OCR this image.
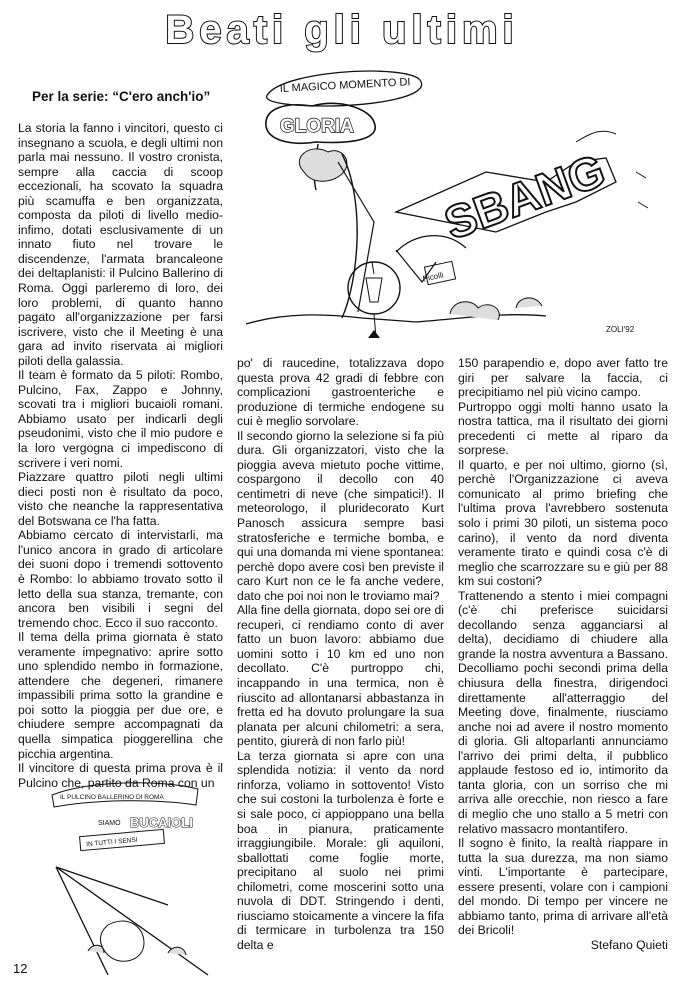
Beati gli ultimi
Per la serie: “C'ero anch'io”
IL MAGICO MOMENTO DI
GLORIA
SBANG
Picolli
ZOLI'92

La storia la fanno i vincitori, questo ci insegnano a scuola, e degli ultimi non parla mai nessuno. Il vostro cronista, sempre alla caccia di scoop eccezionali, ha scovato la squadra più scamuffa e ben organizzata, composta da piloti di livello medio-infimo, dotati esclusivamente di un innato fiuto nel trovare le discendenze, l'armata brancaleone dei deltaplanisti: il Pulcino Ballerino di Roma. Oggi parleremo di loro, dei loro problemi, di quanto hanno pagato all'organizzazione per farsi iscrivere, visto che il Meeting è una gara ad invito riservata ai migliori piloti della galassia.

Il team è formato da 5 piloti: Rombo, Pulcino, Fax, Zappo e Johnny, scovati tra i migliori bucaioli romani. Abbiamo usato per indicarli degli pseudonimi, visto che il mio pudore e la loro vergogna ci impediscono di scrivere i veri nomi.

Piazzare quattro piloti negli ultimi dieci posti non è risultato da poco, visto che neanche la rappresentativa del Botswana ce l'ha fatta.

Abbiamo cercato di intervistarli, ma l'unico ancora in grado di articolare dei suoni dopo i tremendi sottovento è Rombo: lo abbiamo trovato sotto il letto della sua stanza, tremante, con ancora ben visibili i segni del tremendo choc. Ecco il suo racconto.

Il tema della prima giornata è stato veramente impegnativo: aprire sotto uno splendido nembo in formazione, attendere che degeneri, rimanere impassibili prima sotto la grandine e poi sotto la pioggia per due ore, e chiudere sempre accompagnati da quella simpatica pioggerellina che picchia argentina.

Il vincitore di questa prima prova è il Pulcino che, partito da Roma con un

IL PULCINO BALLERINO DI ROMA
SIAMO BUCAIOLI
IN TUTTI I SENSI

po' di raucedine, totalizzava dopo questa prova 42 gradi di febbre con complicazioni gastroenteriche e produzione di termiche endogene su cui è meglio sorvolare.

Il secondo giorno la selezione si fa più dura. Gli organizzatori, visto che la pioggia aveva mietuto poche vittime, cospargono il decollo con 40 centimetri di neve (che simpatici!). Il meteorologo, il pluridecorato Kurt Panosch assicura sempre basi stratosferiche e termiche bomba, e qui una domanda mi viene spontanea: perchè dopo avere così ben previste il caro Kurt non ce le fa anche vedere, dato che poi noi non le troviamo mai?

Alla fine della giornata, dopo sei ore di recuperi, ci rendiamo conto di aver fatto un buon lavoro: abbiamo due uomini sotto i 10 km ed uno non decollato. C'è purtroppo chi, incappando in una termica, non è riuscito ad allontanarsi abbastanza in fretta ed ha dovuto prolungare la sua planata per alcuni chilometri: a sera, pentito, giurerà di non farlo più!

La terza giornata si apre con una splendida notizia: il vento da nord rinforza, voliamo in sottovento! Visto che sui costoni la turbolenza è forte e si sale poco, ci appioppano una bella boa in pianura, praticamente irraggiungibile. Morale: gli aquiloni, sballottati come foglie morte, precipitano al suolo nei primi chilometri, come moscerini sotto una nuvola di DDT. Stringendo i denti, riusciamo stoicamente a vincere la fifa di termicare in turbolenza tra 150 delta e

150 parapendio e, dopo aver fatto tre giri per salvare la faccia, ci precipitiamo nel più vicino campo.

Purtroppo oggi molti hanno usato la nostra tattica, ma il risultato dei giorni precedenti ci mette al riparo da sorprese.

Il quarto, e per noi ultimo, giorno (sì, perchè l'Organizzazione ci aveva comunicato al primo briefing che l'ultima prova l'avrebbero sostenuta solo i primi 30 piloti, un sistema poco carino), il vento da nord diventa veramente tirato e quindi cosa c'è di meglio che scarrozzare su e giù per 88 km sui costoni?

Trattenendo a stento i miei compagni (c'è chi preferisce suicidarsi decollando senza agganciarsi al delta), decidiamo di chiudere alla grande la nostra avventura a Bassano. Decolliamo pochi secondi prima della chiusura della finestra, dirigendoci direttamente all'atterraggio del Meeting dove, finalmente, riusciamo anche noi ad avere il nostro momento di gloria. Gli altoparlanti annunciamo l'arrivo dei primi delta, il pubblico applaude festoso ed io, intimorito da tanta gloria, con un sorriso che mi arriva alle orecchie, non riesco a fare di meglio che uno stallo a 5 metri con relativo massacro montantifero.

Il sogno è finito, la realtà riappare in tutta la sua durezza, ma non siamo vinti. L'importante è partecipare, essere presenti, volare con i campioni del mondo. Di tempo per vincere ne abbiamo tanto, prima di arrivare all'età dei Bricoli!

Stefano Quieti

12
